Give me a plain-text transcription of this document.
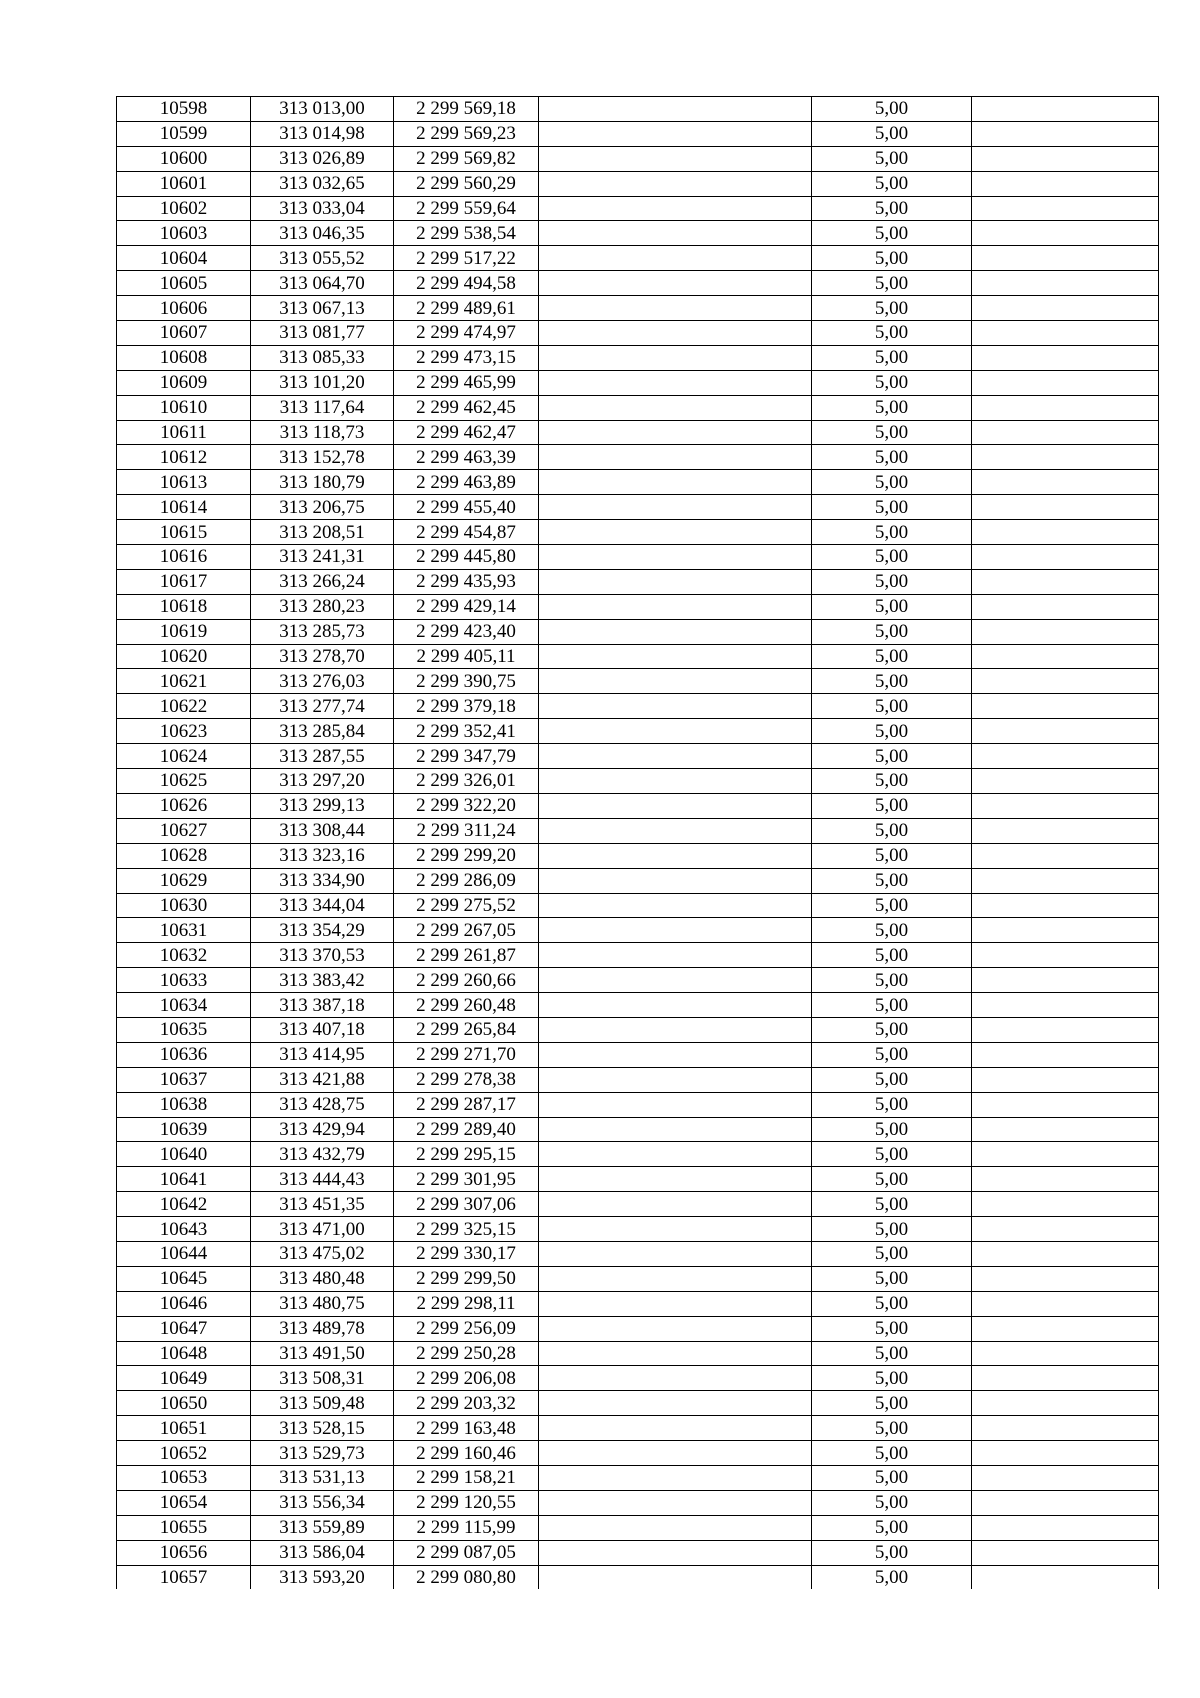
10598	313 013,00	2 299 569,18		5,00	
10599	313 014,98	2 299 569,23		5,00	
10600	313 026,89	2 299 569,82		5,00	
10601	313 032,65	2 299 560,29		5,00	
10602	313 033,04	2 299 559,64		5,00	
10603	313 046,35	2 299 538,54		5,00	
10604	313 055,52	2 299 517,22		5,00	
10605	313 064,70	2 299 494,58		5,00	
10606	313 067,13	2 299 489,61		5,00	
10607	313 081,77	2 299 474,97		5,00	
10608	313 085,33	2 299 473,15		5,00	
10609	313 101,20	2 299 465,99		5,00	
10610	313 117,64	2 299 462,45		5,00	
10611	313 118,73	2 299 462,47		5,00	
10612	313 152,78	2 299 463,39		5,00	
10613	313 180,79	2 299 463,89		5,00	
10614	313 206,75	2 299 455,40		5,00	
10615	313 208,51	2 299 454,87		5,00	
10616	313 241,31	2 299 445,80		5,00	
10617	313 266,24	2 299 435,93		5,00	
10618	313 280,23	2 299 429,14		5,00	
10619	313 285,73	2 299 423,40		5,00	
10620	313 278,70	2 299 405,11		5,00	
10621	313 276,03	2 299 390,75		5,00	
10622	313 277,74	2 299 379,18		5,00	
10623	313 285,84	2 299 352,41		5,00	
10624	313 287,55	2 299 347,79		5,00	
10625	313 297,20	2 299 326,01		5,00	
10626	313 299,13	2 299 322,20		5,00	
10627	313 308,44	2 299 311,24		5,00	
10628	313 323,16	2 299 299,20		5,00	
10629	313 334,90	2 299 286,09		5,00	
10630	313 344,04	2 299 275,52		5,00	
10631	313 354,29	2 299 267,05		5,00	
10632	313 370,53	2 299 261,87		5,00	
10633	313 383,42	2 299 260,66		5,00	
10634	313 387,18	2 299 260,48		5,00	
10635	313 407,18	2 299 265,84		5,00	
10636	313 414,95	2 299 271,70		5,00	
10637	313 421,88	2 299 278,38		5,00	
10638	313 428,75	2 299 287,17		5,00	
10639	313 429,94	2 299 289,40		5,00	
10640	313 432,79	2 299 295,15		5,00	
10641	313 444,43	2 299 301,95		5,00	
10642	313 451,35	2 299 307,06		5,00	
10643	313 471,00	2 299 325,15		5,00	
10644	313 475,02	2 299 330,17		5,00	
10645	313 480,48	2 299 299,50		5,00	
10646	313 480,75	2 299 298,11		5,00	
10647	313 489,78	2 299 256,09		5,00	
10648	313 491,50	2 299 250,28		5,00	
10649	313 508,31	2 299 206,08		5,00	
10650	313 509,48	2 299 203,32		5,00	
10651	313 528,15	2 299 163,48		5,00	
10652	313 529,73	2 299 160,46		5,00	
10653	313 531,13	2 299 158,21		5,00	
10654	313 556,34	2 299 120,55		5,00	
10655	313 559,89	2 299 115,99		5,00	
10656	313 586,04	2 299 087,05		5,00	
10657	313 593,20	2 299 080,80		5,00	
